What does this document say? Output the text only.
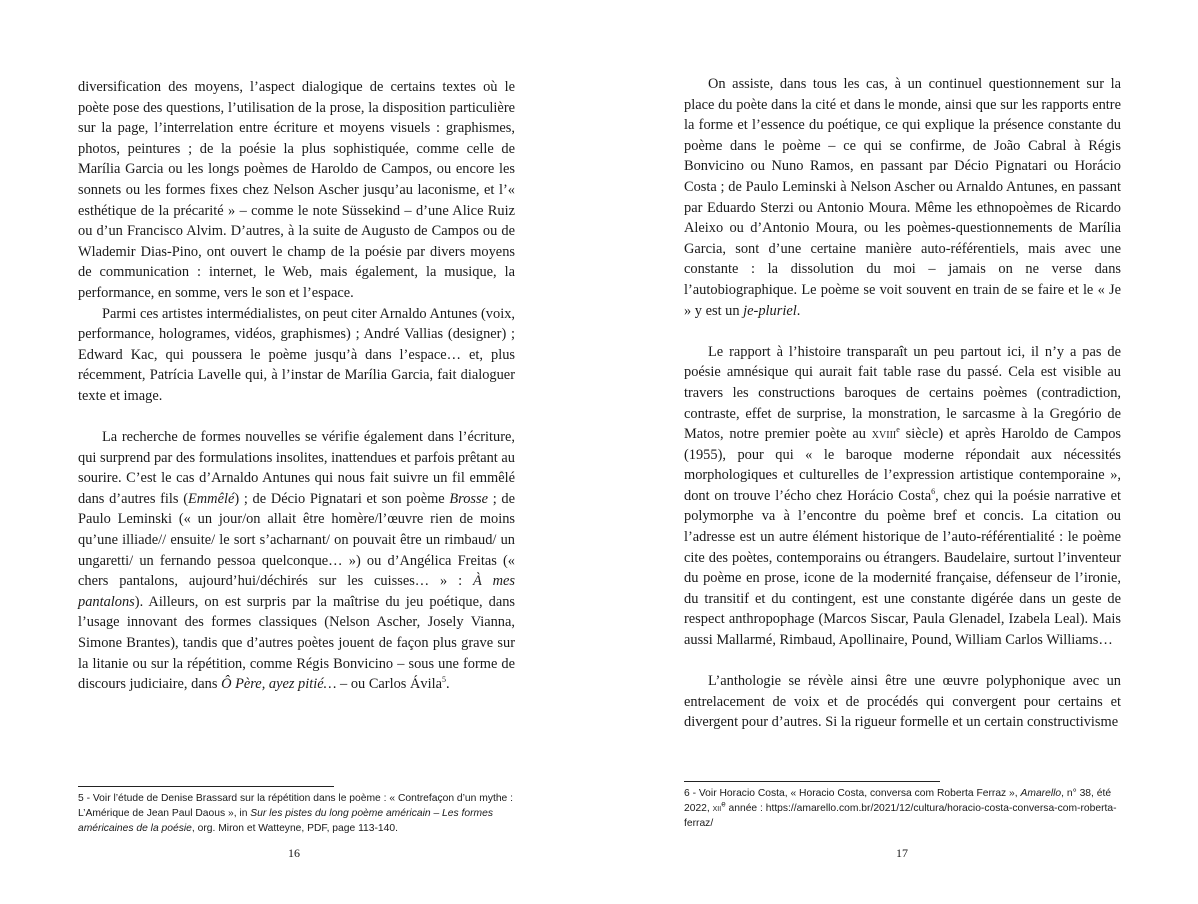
diversification des moyens, l’aspect dialogique de certains textes où le poète pose des questions, l’utilisation de la prose, la disposition particulière sur la page, l’interrelation entre écriture et moyens visuels : graphismes, photos, peintures ; de la poésie la plus sophistiquée, comme celle de Marília Garcia ou les longs poèmes de Haroldo de Campos, ou encore les sonnets ou les formes fixes chez Nelson Ascher jusqu’au laconisme, et l’« esthétique de la précarité » – comme le note Süssekind – d’une Alice Ruiz ou d’un Francisco Alvim. D’autres, à la suite de Augusto de Campos ou de Wlademir Dias-Pino, ont ouvert le champ de la poésie par divers moyens de communication : internet, le Web, mais également, la musique, la performance, en somme, vers le son et l’espace.

Parmi ces artistes intermédialistes, on peut citer Arnaldo Antunes (voix, performance, hologrames, vidéos, graphismes) ; André Vallias (designer) ; Edward Kac, qui poussera le poème jusqu’à dans l’espace… et, plus récemment, Patrícia Lavelle qui, à l’instar de Marília Garcia, fait dialoguer texte et image.

La recherche de formes nouvelles se vérifie également dans l’écriture, qui surprend par des formulations insolites, inattendues et parfois prêtant au sourire. C’est le cas d’Arnaldo Antunes qui nous fait suivre un fil emmêlé dans d’autres fils (Emmêlé) ; de Décio Pignatari et son poème Brosse ; de Paulo Leminski (« un jour/on allait être homère/l’œuvre rien de moins qu’une illiade// ensuite/ le sort s’acharnant/ on pouvait être un rimbaud/ un ungaretti/ un fernando pessoa quelconque… ») ou d’Angélica Freitas (« chers pantalons, aujourd’hui/déchirés sur les cuisses… » : À mes pantalons). Ailleurs, on est surpris par la maîtrise du jeu poétique, dans l’usage innovant des formes classiques (Nelson Ascher, Josely Vianna, Simone Brantes), tandis que d’autres poètes jouent de façon plus grave sur la litanie ou sur la répétition, comme Régis Bonvicino – sous une forme de discours judiciaire, dans Ô Père, ayez pitié… – ou Carlos Ávila$^5$.

5 - Voir l’étude de Denise Brassard sur la répétition dans le poème : « Contrefaçon d’un mythe : L’Amérique de Jean Paul Daous », in Sur les pistes du long poème américain – Les formes américaines de la poésie, org. Miron et Watteyne, PDF, page 113-140.
16

On assiste, dans tous les cas, à un continuel questionnement sur la place du poète dans la cité et dans le monde, ainsi que sur les rapports entre la forme et l’essence du poétique, ce qui explique la présence constante du poème dans le poème – ce qui se confirme, de João Cabral à Régis Bonvicino ou Nuno Ramos, en passant par Décio Pignatari ou Horácio Costa ; de Paulo Leminski à Nelson Ascher ou Arnaldo Antunes, en passant par Eduardo Sterzi ou Antonio Moura. Même les ethnopoèmes de Ricardo Aleixo ou d’Antonio Moura, ou les poèmes-questionnements de Marília Garcia, sont d’une certaine manière auto-référentiels, mais avec une constante : la dissolution du moi – jamais on ne verse dans l’autobiographique. Le poème se voit souvent en train de se faire et le « Je » y est un je-pluriel.

Le rapport à l’histoire transparaît un peu partout ici, il n’y a pas de poésie amnésique qui aurait fait table rase du passé. Cela est visible au travers les constructions baroques de certains poèmes (contradiction, contraste, effet de surprise, la monstration, le sarcasme à la Gregório de Matos, notre premier poète au xviii$^e$ siècle) et après Haroldo de Campos (1955), pour qui « le baroque moderne répondait aux nécessités morphologiques et culturelles de l’expression artistique contemporaine », dont on trouve l’écho chez Horácio Costa$^6$, chez qui la poésie narrative et polymorphe va à l’encontre du poème bref et concis. La citation ou l’adresse est un autre élément historique de l’auto-référentialité : le poème cite des poètes, contemporains ou étrangers. Baudelaire, surtout l’inventeur du poème en prose, icone de la modernité française, défenseur de l’ironie, du transitif et du contingent, est une constante digérée dans un geste de respect anthropophage (Marcos Siscar, Paula Glenadel, Izabela Leal). Mais aussi Mallarmé, Rimbaud, Apollinaire, Pound, William Carlos Williams…

L’anthologie se révèle ainsi être une œuvre polyphonique avec un entrelacement de voix et de procédés qui convergent pour certains et divergent pour d’autres. Si la rigueur formelle et un certain constructivisme

6 - Voir Horacio Costa, « Horacio Costa, conversa com Roberta Ferraz », Amarello, n° 38, été 2022, xii$^e$ année : https://amarello.com.br/2021/12/cultura/horacio-costa-conversa-com-roberta-ferraz/
17
